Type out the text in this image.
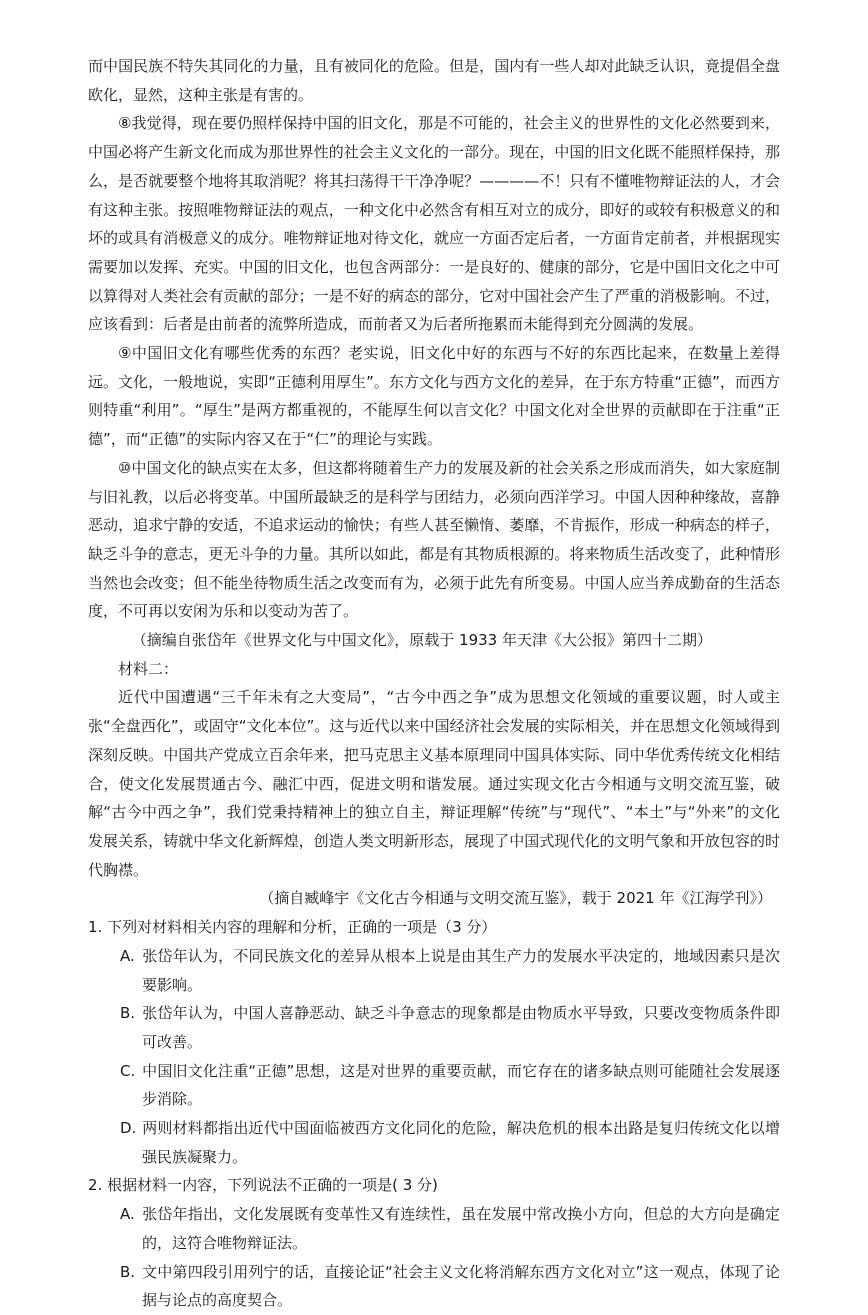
而中国民族不特失其同化的力量，且有被同化的危险。但是，国内有一些人却对此缺乏认识，竟提倡全盘欧化，显然，这种主张是有害的。

⑧我觉得，现在要仍照样保持中国的旧文化，那是不可能的，社会主义的世界性的文化必然要到来，中国必将产生新文化而成为那世界性的社会主义文化的一部分。现在，中国的旧文化既不能照样保持，那么，是否就要整个地将其取消呢？将其扫荡得干干净净呢？————不！只有不懂唯物辩证法的人，才会有这种主张。按照唯物辩证法的观点，一种文化中必然含有相互对立的成分，即好的或较有积极意义的和坏的或具有消极意义的成分。唯物辩证地对待文化，就应一方面否定后者，一方面肯定前者，并根据现实需要加以发挥、充实。中国的旧文化，也包含两部分：一是良好的、健康的部分，它是中国旧文化之中可以算得对人类社会有贡献的部分；一是不好的病态的部分，它对中国社会产生了严重的消极影响。不过，应该看到：后者是由前者的流弊所造成，而前者又为后者所拖累而未能得到充分圆满的发展。

⑨中国旧文化有哪些优秀的东西？老实说，旧文化中好的东西与不好的东西比起来，在数量上差得远。文化，一般地说，实即“正德利用厚生”。东方文化与西方文化的差异，在于东方特重“正德”，而西方则特重“利用”。“厚生”是两方都重视的，不能厚生何以言文化？中国文化对全世界的贡献即在于注重“正德”，而“正德”的实际内容又在于“仁”的理论与实践。

⑩中国文化的缺点实在太多，但这都将随着生产力的发展及新的社会关系之形成而消失，如大家庭制与旧礼教，以后必将变革。中国所最缺乏的是科学与团结力，必须向西洋学习。中国人因种种缘故，喜静恶动，追求宁静的安适，不追求运动的愉快；有些人甚至懒惰、萎靡，不肯振作，形成一种病态的样子，缺乏斗争的意志，更无斗争的力量。其所以如此，都是有其物质根源的。将来物质生活改变了，此种情形当然也会改变；但不能坐待物质生活之改变而有为，必须于此先有所变易。中国人应当养成勤奋的生活态度，不可再以安闲为乐和以变动为苦了。

（摘编自张岱年《世界文化与中国文化》，原载于 1933 年天津《大公报》第四十二期）

材料二：

近代中国遭遇“三千年未有之大变局”，“古今中西之争”成为思想文化领域的重要议题，时人或主张“全盘西化”，或固守“文化本位”。这与近代以来中国经济社会发展的实际相关，并在思想文化领域得到深刻反映。中国共产党成立百余年来，把马克思主义基本原理同中国具体实际、同中华优秀传统文化相结合，使文化发展贯通古今、融汇中西，促进文明和谐发展。通过实现文化古今相通与文明交流互鉴，破解“古今中西之争”，我们党秉持精神上的独立自主，辩证理解“传统”与“现代”、“本土”与“外来”的文化发展关系，铸就中华文化新辉煌，创造人类文明新形态，展现了中国式现代化的文明气象和开放包容的时代胸襟。

（摘自臧峰宇《文化古今相通与文明交流互鉴》，载于 2021 年《江海学刊》）

1. 下列对材料相关内容的理解和分析，正确的一项是（3 分）

A. 张岱年认为，不同民族文化的差异从根本上说是由其生产力的发展水平决定的，地域因素只是次要影响。

B. 张岱年认为，中国人喜静恶动、缺乏斗争意志的现象都是由物质水平导致，只要改变物质条件即可改善。

C. 中国旧文化注重“正德”思想，这是对世界的重要贡献，而它存在的诸多缺点则可能随社会发展逐步消除。

D. 两则材料都指出近代中国面临被西方文化同化的危险，解决危机的根本出路是复归传统文化以增强民族凝聚力。

2. 根据材料一内容，下列说法不正确的一项是( 3 分)

A. 张岱年指出，文化发展既有变革性又有连续性，虽在发展中常改换小方向，但总的大方向是确定的，这符合唯物辩证法。

B. 文中第四段引用列宁的话，直接论证“社会主义文化将消解东西方文化对立”这一观点，体现了论据与论点的高度契合。
